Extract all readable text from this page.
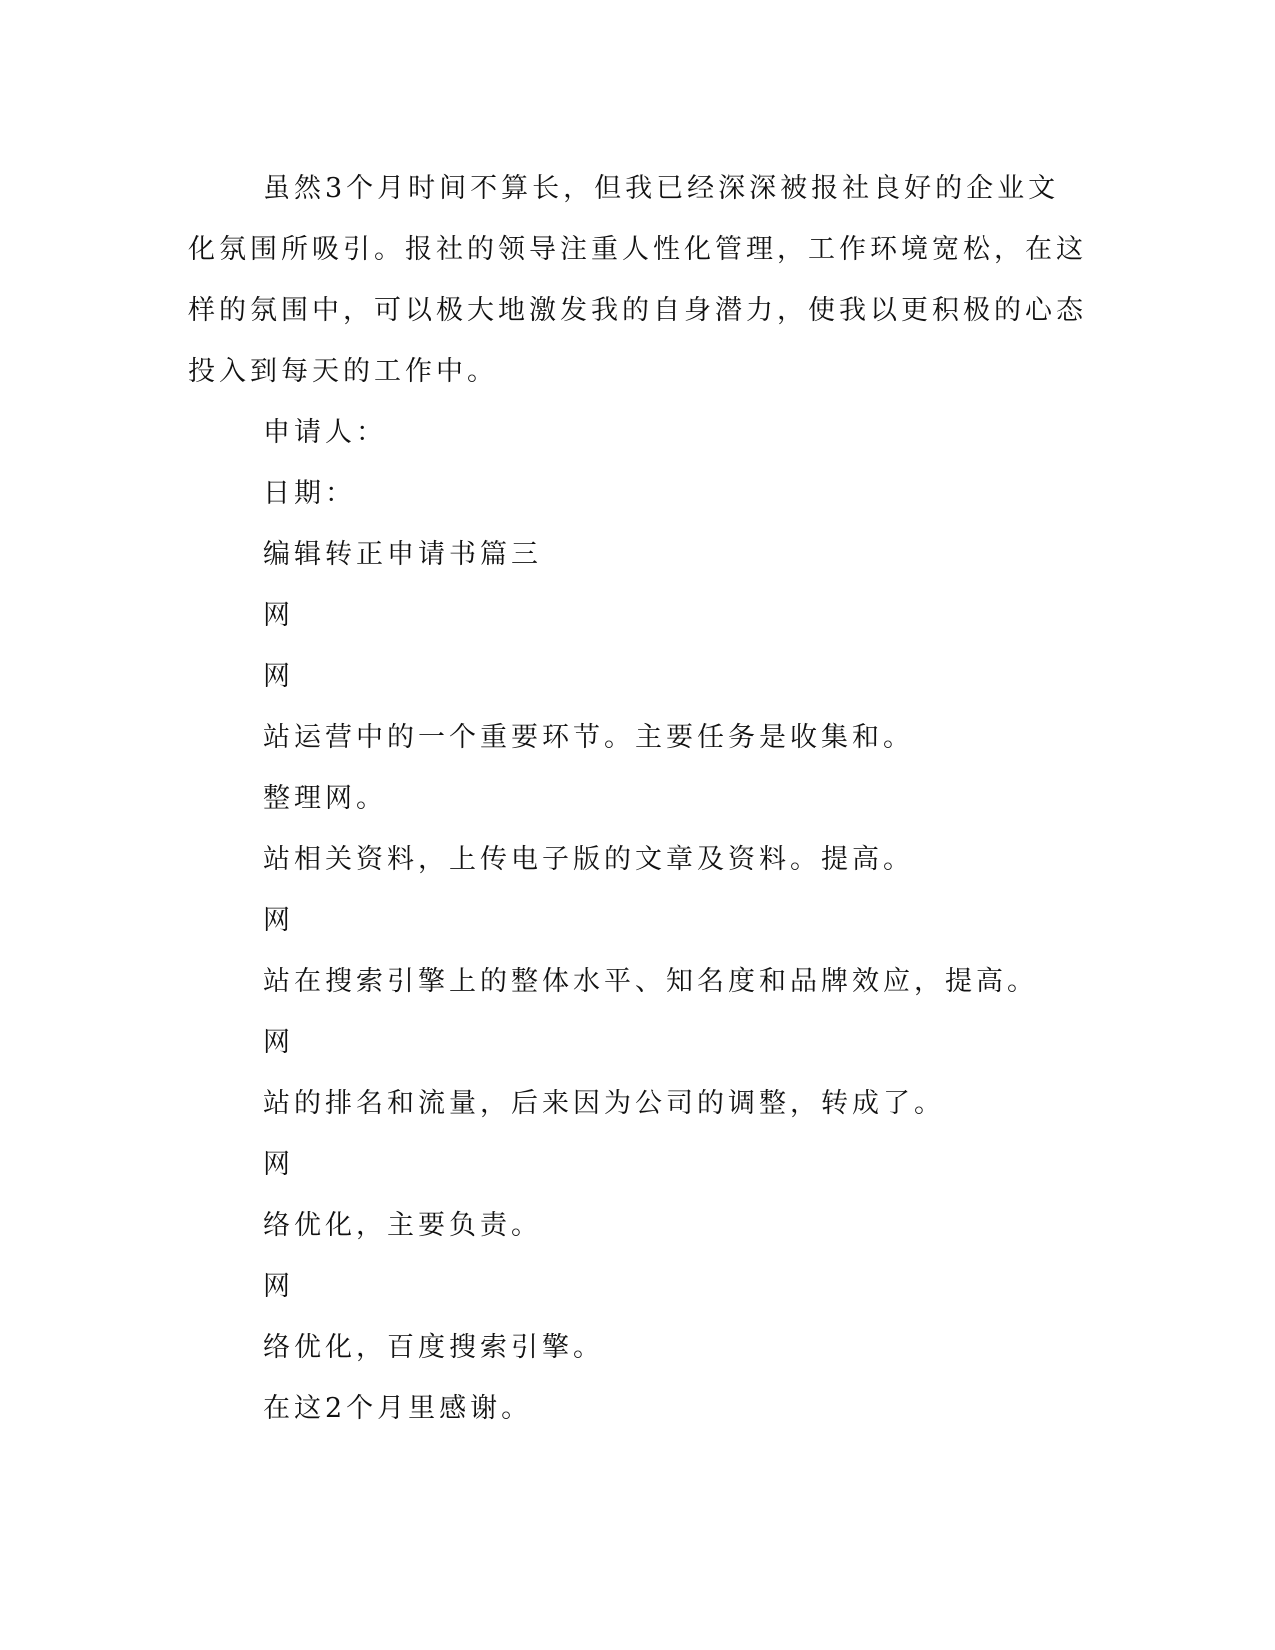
虽然3个月时间不算长，但我已经深深被报社良好的企业文化氛围所吸引。报社的领导注重人性化管理，工作环境宽松，在这样的氛围中，可以极大地激发我的自身潜力，使我以更积极的心态投入到每天的工作中。

申请人：

日期：

编辑转正申请书篇三

网

网

站运营中的一个重要环节。主要任务是收集和。

整理网。

站相关资料，上传电子版的文章及资料。提高。

网

站在搜索引擎上的整体水平、知名度和品牌效应，提高。

网

站的排名和流量，后来因为公司的调整，转成了。

网

络优化，主要负责。

网

络优化，百度搜索引擎。

在这2个月里感谢。
